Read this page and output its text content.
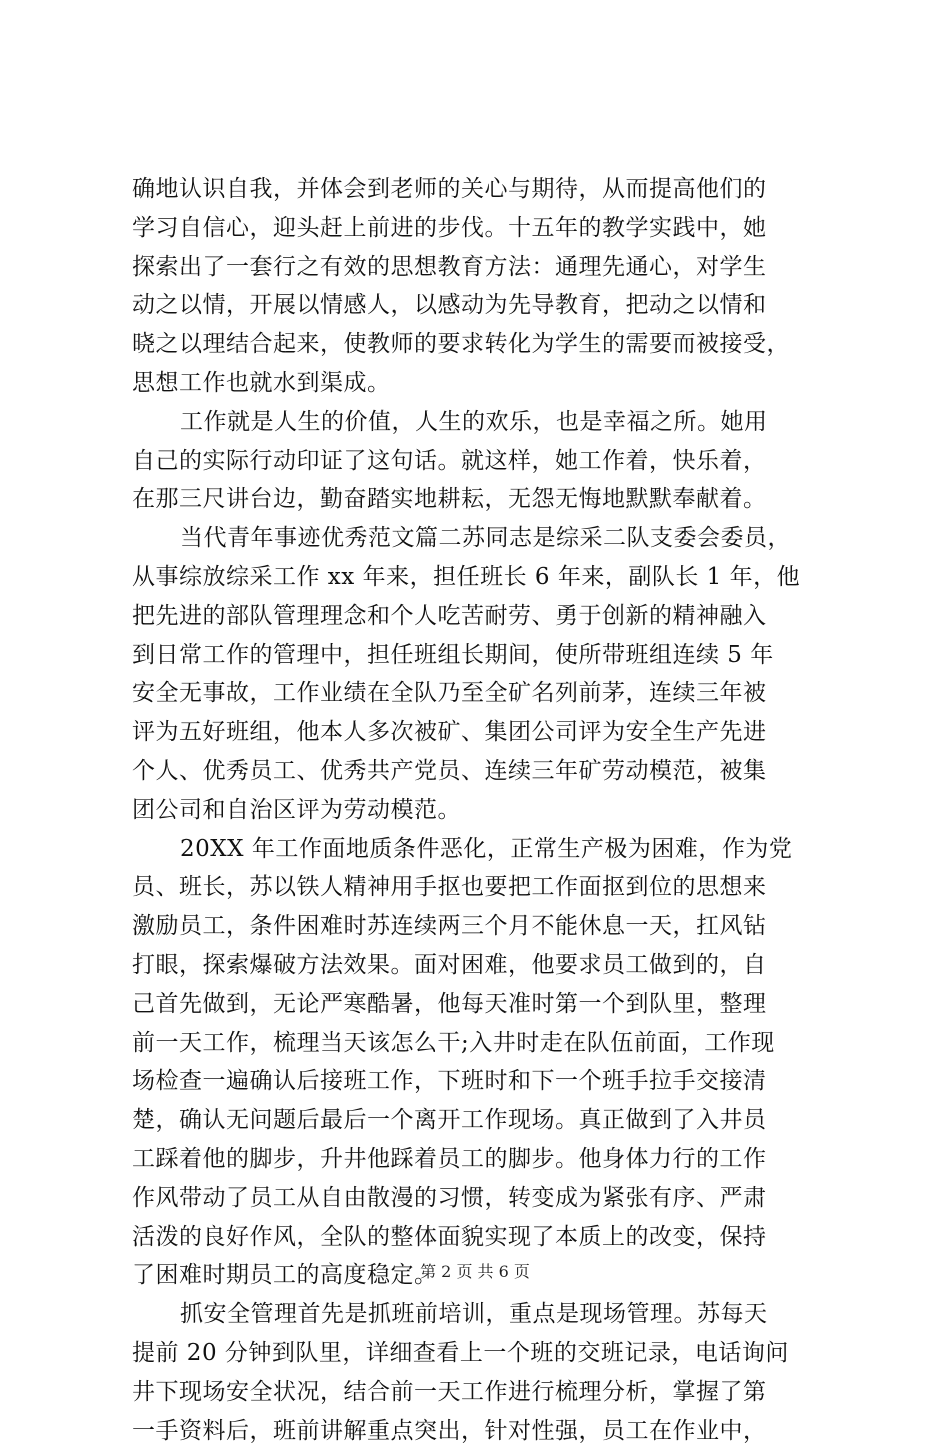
确地认识自我，并体会到老师的关心与期待，从而提高他们的
学习自信心，迎头赶上前进的步伐。十五年的教学实践中，她
探索出了一套行之有效的思想教育方法：通理先通心，对学生
动之以情，开展以情感人，以感动为先导教育，把动之以情和
晓之以理结合起来，使教师的要求转化为学生的需要而被接受，
思想工作也就水到渠成。
工作就是人生的价值，人生的欢乐，也是幸福之所。她用
自己的实际行动印证了这句话。就这样，她工作着，快乐着，
在那三尺讲台边，勤奋踏实地耕耘，无怨无悔地默默奉献着。
当代青年事迹优秀范文篇二苏同志是综采二队支委会委员，
从事综放综采工作 xx 年来，担任班长 6 年来，副队长 1 年，他
把先进的部队管理理念和个人吃苦耐劳、勇于创新的精神融入
到日常工作的管理中，担任班组长期间，使所带班组连续 5 年
安全无事故，工作业绩在全队乃至全矿名列前茅，连续三年被
评为五好班组，他本人多次被矿、集团公司评为安全生产先进
个人、优秀员工、优秀共产党员、连续三年矿劳动模范，被集
团公司和自治区评为劳动模范。
20XX 年工作面地质条件恶化，正常生产极为困难，作为党
员、班长，苏以铁人精神用手抠也要把工作面抠到位的思想来
激励员工，条件困难时苏连续两三个月不能休息一天，扛风钻
打眼，探索爆破方法效果。面对困难，他要求员工做到的，自
己首先做到，无论严寒酷暑，他每天准时第一个到队里，整理
前一天工作，梳理当天该怎么干;入井时走在队伍前面，工作现
场检查一遍确认后接班工作，下班时和下一个班手拉手交接清
楚，确认无问题后最后一个离开工作现场。真正做到了入井员
工踩着他的脚步，升井他踩着员工的脚步。他身体力行的工作
作风带动了员工从自由散漫的习惯，转变成为紧张有序、严肃
活泼的良好作风，全队的整体面貌实现了本质上的改变，保持
了困难时期员工的高度稳定。
抓安全管理首先是抓班前培训，重点是现场管理。苏每天
提前 20 分钟到队里，详细查看上一个班的交班记录，电话询问
井下现场安全状况，结合前一天工作进行梳理分析，掌握了第
一手资料后，班前讲解重点突出，针对性强，员工在作业中，
第 2 页 共 6 页
